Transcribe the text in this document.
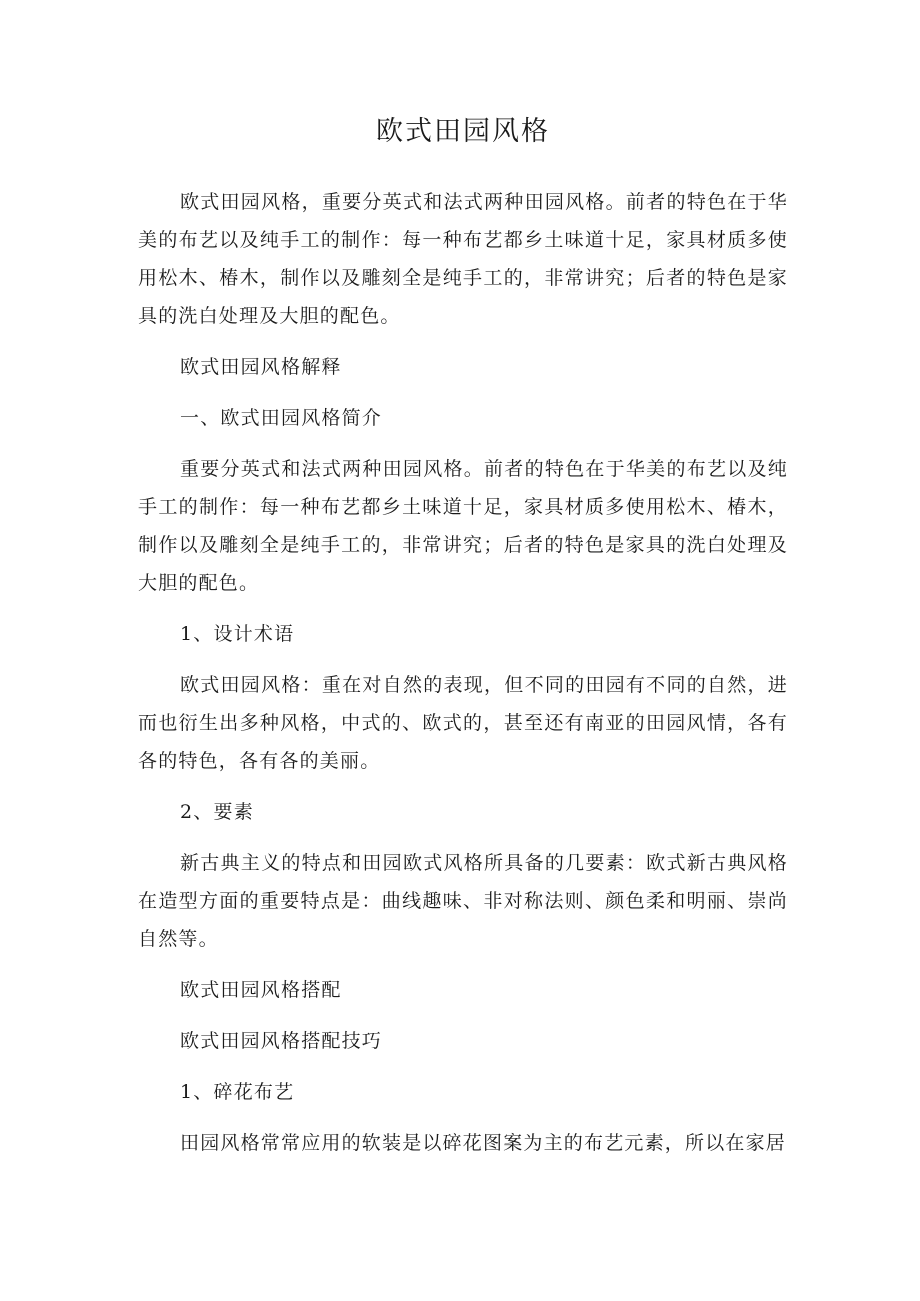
欧式田园风格

欧式田园风格，重要分英式和法式两种田园风格。前者的特色在于华美的布艺以及纯手工的制作：每一种布艺都乡土味道十足，家具材质多使用松木、椿木，制作以及雕刻全是纯手工的，非常讲究；后者的特色是家具的洗白处理及大胆的配色。

欧式田园风格解释

一、欧式田园风格简介

重要分英式和法式两种田园风格。前者的特色在于华美的布艺以及纯手工的制作：每一种布艺都乡土味道十足，家具材质多使用松木、椿木，制作以及雕刻全是纯手工的，非常讲究；后者的特色是家具的洗白处理及大胆的配色。

1、设计术语

欧式田园风格：重在对自然的表现，但不同的田园有不同的自然，进而也衍生出多种风格，中式的、欧式的，甚至还有南亚的田园风情，各有各的特色，各有各的美丽。

2、要素

新古典主义的特点和田园欧式风格所具备的几要素：欧式新古典风格在造型方面的重要特点是：曲线趣味、非对称法则、颜色柔和明丽、崇尚自然等。

欧式田园风格搭配

欧式田园风格搭配技巧

1、碎花布艺

田园风格常常应用的软装是以碎花图案为主的布艺元素，所以在家居
